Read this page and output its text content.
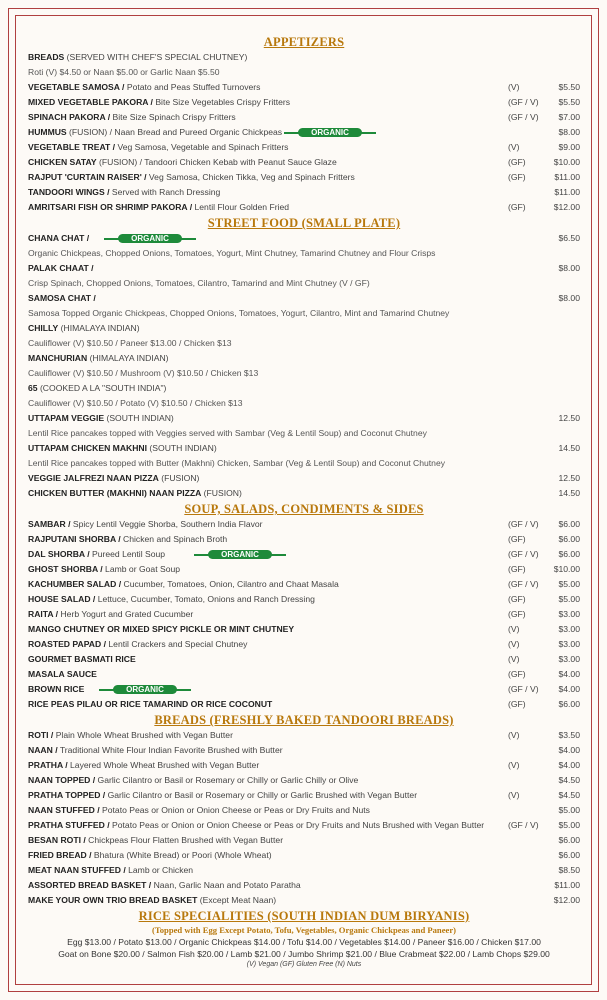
APPETIZERS
BREADS (SERVED WITH CHEF'S SPECIAL CHUTNEY)
Roti (V) $4.50 or Naan $5.00 or Garlic Naan $5.50
VEGETABLE SAMOSA / Potato and Peas Stuffed Turnovers	(V)	$5.50
MIXED VEGETABLE PAKORA / Bite Size Vegetables Crispy Fritters	(GF / V) $5.50
SPINACH PAKORA / Bite Size Spinach Crispy Fritters	(GF / V) $7.00
HUMMUS (FUSION) / Naan Bread and Pureed Organic Chickpeas	$8.00
ORGANIC
VEGETABLE TREAT / Veg Samosa, Vegetable and Spinach Fritters	(V)	$9.00
CHICKEN SATAY (FUSION) / Tandoori Chicken Kebab with Peanut Sauce Glaze	(GF)	$10.00
RAJPUT 'CURTAIN RAISER' / Veg Samosa, Chicken Tikka, Veg and Spinach Fritters	(GF)	$11.00
TANDOORI WINGS / Served with Ranch Dressing	$11.00
AMRITSARI FISH OR SHRIMP PAKORA / Lentil Flour Golden Fried	(GF)	$12.00
STREET FOOD (SMALL PLATE)
CHANA CHAT /	$6.50
ORGANIC
Organic Chickpeas, Chopped Onions, Tomatoes, Yogurt, Mint Chutney, Tamarind Chutney and Flour Crisps
PALAK CHAAT /	$8.00
Crisp Spinach, Chopped Onions, Tomatoes, Cilantro, Tamarind and Mint Chutney (V / GF)
SAMOSA CHAT /	$8.00
Samosa Topped Organic Chickpeas, Chopped Onions, Tomatoes, Yogurt, Cilantro, Mint and Tamarind Chutney
CHILLY (HIMALAYA INDIAN)
Cauliflower (V) $10.50 / Paneer $13.00 / Chicken $13
MANCHURIAN (HIMALAYA INDIAN)
Cauliflower (V) $10.50 / Mushroom (V) $10.50 / Chicken $13
65 (COOKED A LA "SOUTH INDIA")
Cauliflower (V) $10.50 / Potato (V) $10.50 / Chicken $13
UTTAPAM VEGGIE (SOUTH INDIAN)	12.50
Lentil Rice pancakes topped with Veggies served with Sambar (Veg & Lentil Soup) and Coconut Chutney
UTTAPAM CHICKEN MAKHNI (SOUTH INDIAN)	14.50
Lentil Rice pancakes topped with Butter (Makhni) Chicken, Sambar (Veg & Lentil Soup) and Coconut Chutney
VEGGIE JALFREZI NAAN PIZZA (FUSION)	12.50
CHICKEN BUTTER (MAKHNI) NAAN PIZZA (FUSION)	14.50
SOUP, SALADS, CONDIMENTS & SIDES
SAMBAR / Spicy Lentil Veggie Shorba, Southern India Flavor	(GF / V) $6.00
RAJPUTANI SHORBA / Chicken and Spinach Broth	(GF)	$6.00
DAL SHORBA / Pureed Lentil Soup	(GF / V) $6.00
ORGANIC
GHOST SHORBA / Lamb or Goat Soup	(GF)	$10.00
KACHUMBER SALAD / Cucumber, Tomatoes, Onion, Cilantro and Chaat Masala	(GF / V) $5.00
HOUSE SALAD / Lettuce, Cucumber, Tomato, Onions and Ranch Dressing	(GF)	$5.00
RAITA / Herb Yogurt and Grated Cucumber	(GF)	$3.00
MANGO CHUTNEY OR MIXED SPICY PICKLE OR MINT CHUTNEY	(V)	$3.00
ROASTED PAPAD / Lentil Crackers and Special Chutney	(V)	$3.00
GOURMET BASMATI RICE	(V)	$3.00
MASALA SAUCE	(GF)	$4.00
BROWN RICE	(GF / V) $4.00
ORGANIC
RICE PEAS PILAU OR RICE TAMARIND OR RICE COCONUT	(GF)	$6.00
BREADS (FRESHLY BAKED TANDOORI BREADS)
ROTI / Plain Whole Wheat Brushed with Vegan Butter	(V)	$3.50
NAAN / Traditional White Flour Indian Favorite Brushed with Butter	$4.00
PRATHA / Layered Whole Wheat Brushed with Vegan Butter	(V)	$4.00
NAAN TOPPED / Garlic Cilantro or Basil or Rosemary or Chilly or Garlic Chilly or Olive	$4.50
PRATHA TOPPED / Garlic Cilantro or Basil or Rosemary or Chilly or Garlic Brushed with Vegan Butter	(V)	$4.50
NAAN STUFFED / Potato Peas or Onion or Onion Cheese or Peas or Dry Fruits and Nuts	$5.00
PRATHA STUFFED / Potato Peas or Onion or Onion Cheese or Peas or Dry Fruits and Nuts Brushed with Vegan Butter	(GF / V) $5.00
BESAN ROTI / Chickpeas Flour Flatten Brushed with Vegan Butter	$6.00
FRIED BREAD / Bhatura (White Bread) or Poori (Whole Wheat)	$6.00
MEAT NAAN STUFFED / Lamb or Chicken	$8.50
ASSORTED BREAD BASKET / Naan, Garlic Naan and Potato Paratha	$11.00
MAKE YOUR OWN TRIO BREAD BASKET (Except Meat Naan)	$12.00
RICE SPECIALITIES (SOUTH INDIAN DUM BIRYANIS)
(Topped with Egg Except Potato, Tofu, Vegetables, Organic Chickpeas and Paneer)
Egg $13.00 / Potato $13.00 / Organic Chickpeas $14.00 / Tofu $14.00 / Vegetables $14.00 / Paneer $16.00 / Chicken $17.00
Goat on Bone $20.00 / Salmon Fish $20.00 / Lamb $21.00 / Jumbo Shrimp $21.00 / Blue Crabmeat $22.00 / Lamb Chops $29.00
(V) Vegan (GF) Gluten Free (N) Nuts
